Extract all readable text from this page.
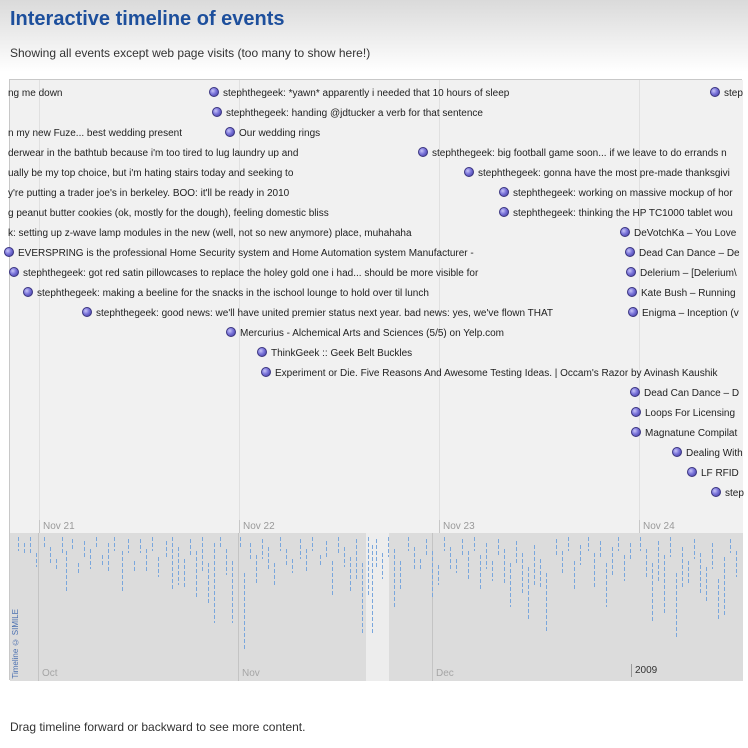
Interactive timeline of events

Showing all events except web page visits (too many to show here!)

ng me down	stephthegeek: *yawn* apparently i needed that 10 hours of sleep	step
stephthegeek: handing @jdtucker a verb for that sentence
n my new Fuze... best wedding present	Our wedding rings
derwear in the bathtub because i'm too tired to lug laundry up and	stephthegeek: big football game soon... if we leave to do errands n
ually be my top choice, but i'm hating stairs today and seeking to	stephthegeek: gonna have the most pre-made thanksgivi
y're putting a trader joe's in berkeley. BOO: it'll be ready in 2010	stephthegeek: working on massive mockup of hor
g peanut butter cookies (ok, mostly for the dough), feeling domestic bliss	stephthegeek: thinking the HP TC1000 tablet wou
k: setting up z-wave lamp modules in the new (well, not so new anymore) place, muhahaha	DeVotchKa – You Love
EVERSPRING is the professional Home Security system and Home Automation system Manufacturer -	Dead Can Dance – De
stephthegeek: got red satin pillowcases to replace the holey gold one i had... should be more visible for	Delerium – [Delerium\
stephthegeek: making a beeline for the snacks in the ischool lounge to hold over til lunch	Kate Bush – Running
stephthegeek: good news: we'll have united premier status next year. bad news: yes, we've flown THAT	Enigma – Inception (v
Mercurius - Alchemical Arts and Sciences (5/5) on Yelp.com
ThinkGeek :: Geek Belt Buckles
Experiment or Die. Five Reasons And Awesome Testing Ideas. | Occam's Razor by Avinash Kaushik
Dead Can Dance – D
Loops For Licensing
Magnatune Compilat
Dealing With
LF RFID
step
Nov 21	Nov 22	Nov 23	Nov 24
Oct	Nov	Dec	2009
Timeline © SIMILE

Drag timeline forward or backward to see more content.
